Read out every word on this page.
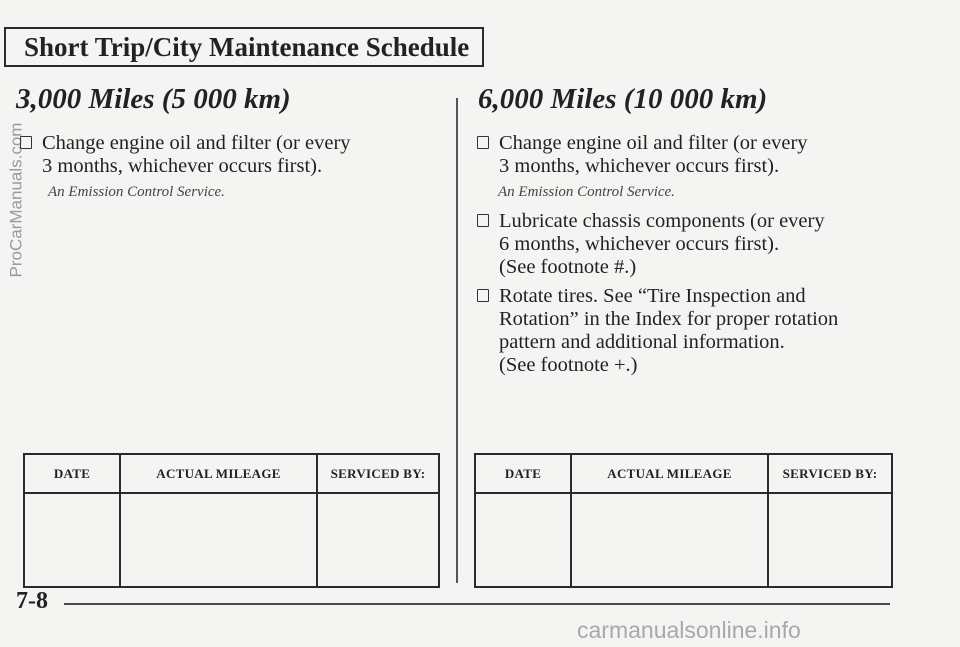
ProCarManuals.com
Short Trip/City Maintenance Schedule
3,000 Miles (5 000 km)
Change engine oil and filter (or every
3 months, whichever occurs first).
An Emission Control Service.
DATE	ACTUAL MILEAGE	SERVICED BY:

6,000 Miles (10 000 km)
Change engine oil and filter (or every
3 months, whichever occurs first).
An Emission Control Service.
Lubricate chassis components (or every
6 months, whichever occurs first).
(See footnote #.)
Rotate tires. See “Tire Inspection and
Rotation” in the Index for proper rotation
pattern and additional information.
(See footnote +.)
DATE	ACTUAL MILEAGE	SERVICED BY:

7-8
carmanualsonline.info
